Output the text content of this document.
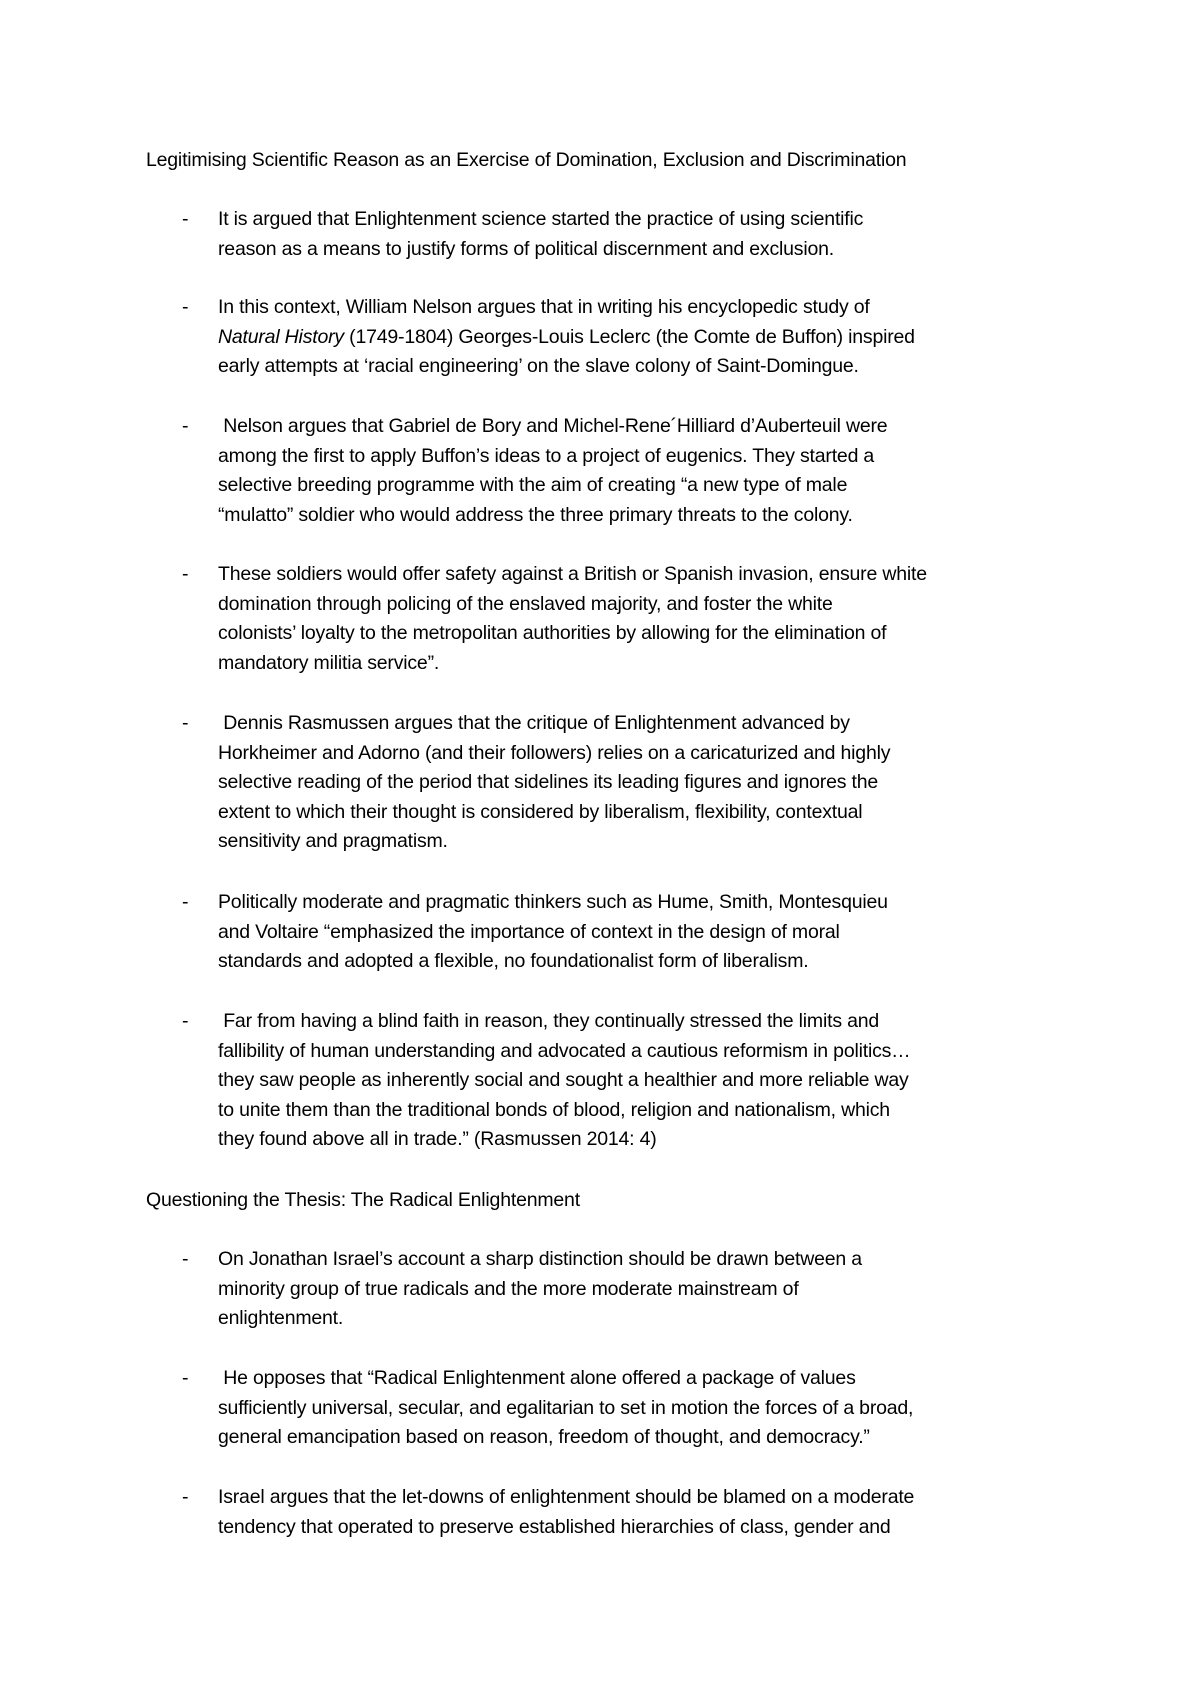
Legitimising Scientific Reason as an Exercise of Domination, Exclusion and Discrimination
- It is argued that Enlightenment science started the practice of using scientific
reason as a means to justify forms of political discernment and exclusion.
- In this context, William Nelson argues that in writing his encyclopedic study of
Natural History (1749-1804) Georges-Louis Leclerc (the Comte de Buffon) inspired
early attempts at ‘racial engineering’ on the slave colony of Saint-Domingue.
- Nelson argues that Gabriel de Bory and Michel-Rene´Hilliard d’Auberteuil were
among the first to apply Buffon’s ideas to a project of eugenics. They started a
selective breeding programme with the aim of creating “a new type of male
“mulatto” soldier who would address the three primary threats to the colony.
- These soldiers would offer safety against a British or Spanish invasion, ensure white
domination through policing of the enslaved majority, and foster the white
colonists’ loyalty to the metropolitan authorities by allowing for the elimination of
mandatory militia service”.
- Dennis Rasmussen argues that the critique of Enlightenment advanced by
Horkheimer and Adorno (and their followers) relies on a caricaturized and highly
selective reading of the period that sidelines its leading figures and ignores the
extent to which their thought is considered by liberalism, flexibility, contextual
sensitivity and pragmatism.
- Politically moderate and pragmatic thinkers such as Hume, Smith, Montesquieu
and Voltaire “emphasized the importance of context in the design of moral
standards and adopted a flexible, no foundationalist form of liberalism.
- Far from having a blind faith in reason, they continually stressed the limits and
fallibility of human understanding and advocated a cautious reformism in politics…
they saw people as inherently social and sought a healthier and more reliable way
to unite them than the traditional bonds of blood, religion and nationalism, which
they found above all in trade.” (Rasmussen 2014: 4)
Questioning the Thesis: The Radical Enlightenment
- On Jonathan Israel’s account a sharp distinction should be drawn between a
minority group of true radicals and the more moderate mainstream of
enlightenment.
- He opposes that “Radical Enlightenment alone offered a package of values
sufficiently universal, secular, and egalitarian to set in motion the forces of a broad,
general emancipation based on reason, freedom of thought, and democracy.”
- Israel argues that the let-downs of enlightenment should be blamed on a moderate
tendency that operated to preserve established hierarchies of class, gender and
